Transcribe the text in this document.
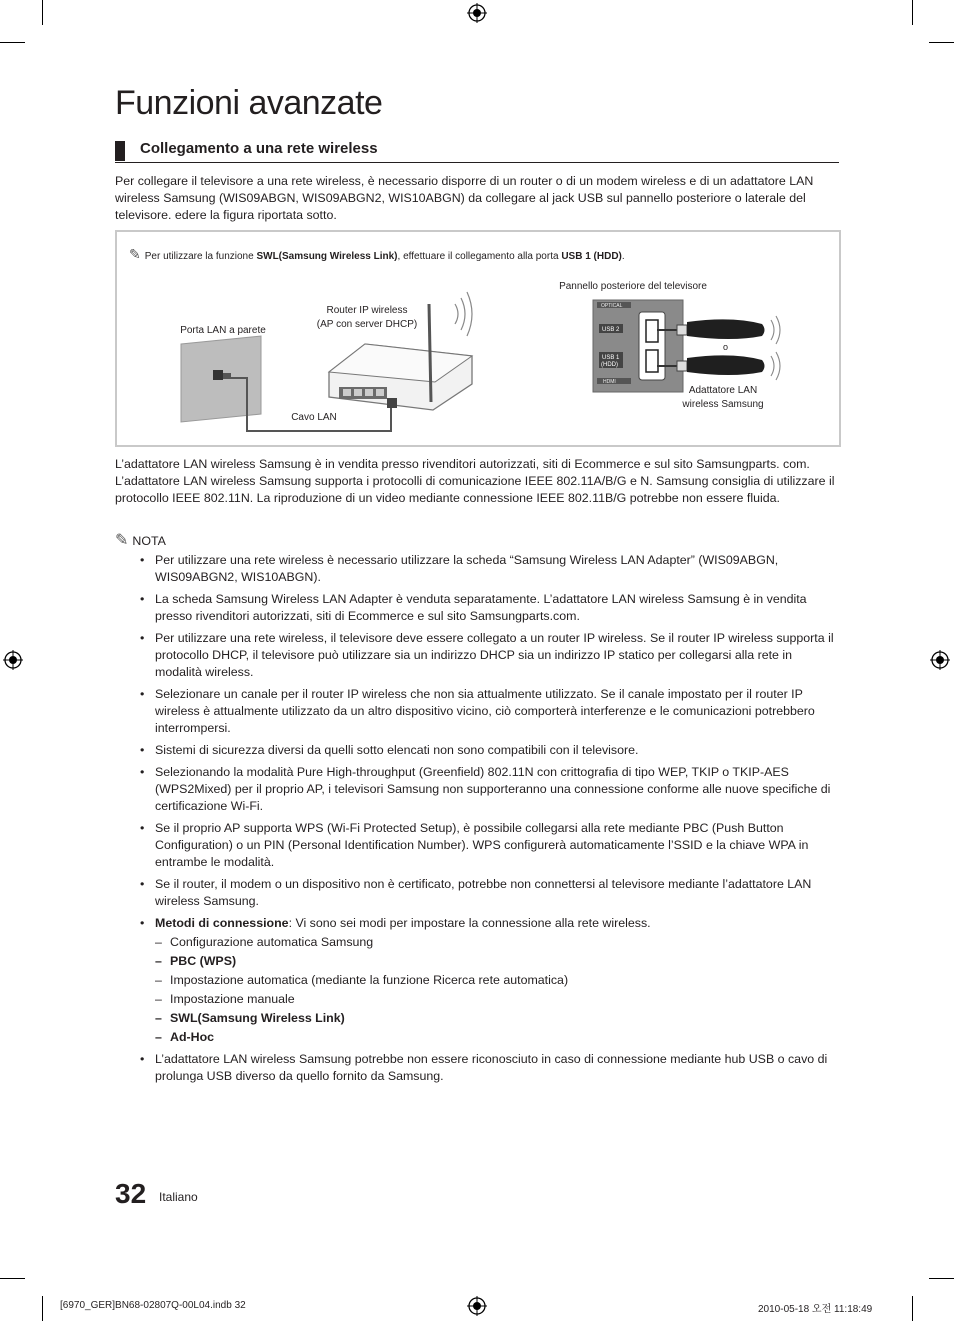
Funzioni avanzate
Collegamento a una rete wireless
Per collegare il televisore a una rete wireless, è necessario disporre di un router o di un modem wireless e di un adattatore LAN wireless Samsung (WIS09ABGN, WIS09ABGN2, WIS10ABGN) da collegare al jack USB sul pannello posteriore o laterale del televisore. edere la figura riportata sotto.
✎ Per utilizzare la funzione SWL(Samsung Wireless Link), effettuare il collegamento alla porta USB 1 (HDD).
OPTICAL
USB 2
USB 1
(HDD)
HDMI
o
Porta LAN a parete
Router IP wireless
(AP con server DHCP)
Cavo LAN
Pannello posteriore del televisore
Adattatore LAN
wireless Samsung
L’adattatore LAN wireless Samsung è in vendita presso rivenditori autorizzati, siti di Ecommerce e sul sito Samsungparts. com. L’adattatore LAN wireless Samsung supporta i protocolli di comunicazione IEEE 802.11A/B/G e N. Samsung consiglia di utilizzare il protocollo IEEE 802.11N. La riproduzione di un video mediante connessione IEEE 802.11B/G potrebbe non essere fluida.
✎ NOTA
• Per utilizzare una rete wireless è necessario utilizzare la scheda “Samsung Wireless LAN Adapter” (WIS09ABGN, WIS09ABGN2, WIS10ABGN).
• La scheda Samsung Wireless LAN Adapter è venduta separatamente. L’adattatore LAN wireless Samsung è in vendita presso rivenditori autorizzati, siti di Ecommerce e sul sito Samsungparts.com.
• Per utilizzare una rete wireless, il televisore deve essere collegato a un router IP wireless. Se il router IP wireless supporta il protocollo DHCP, il televisore può utilizzare sia un indirizzo DHCP sia un indirizzo IP statico per collegarsi alla rete in modalità wireless.
• Selezionare un canale per il router IP wireless che non sia attualmente utilizzato. Se il canale impostato per il router IP wireless è attualmente utilizzato da un altro dispositivo vicino, ciò comporterà interferenze e le comunicazioni potrebbero interrompersi.
• Sistemi di sicurezza diversi da quelli sotto elencati non sono compatibili con il televisore.
• Selezionando la modalità Pure High-throughput (Greenfield) 802.11N con crittografia di tipo WEP, TKIP o TKIP-AES (WPS2Mixed) per il proprio AP, i televisori Samsung non supporteranno una connessione conforme alle nuove specifiche di certificazione Wi-Fi.
• Se il proprio AP supporta WPS (Wi-Fi Protected Setup), è possibile collegarsi alla rete mediante PBC (Push Button Configuration) o un PIN (Personal Identification Number). WPS configurerà automaticamente l’SSID e la chiave WPA in entrambe le modalità.
• Se il router, il modem o un dispositivo non è certificato, potrebbe non connettersi al televisore mediante l’adattatore LAN wireless Samsung.
• Metodi di connessione: Vi sono sei modi per impostare la connessione alla rete wireless.
– Configurazione automatica Samsung
– PBC (WPS)
– Impostazione automatica (mediante la funzione Ricerca rete automatica)
– Impostazione manuale
– SWL(Samsung Wireless Link)
– Ad-Hoc
• L’adattatore LAN wireless Samsung potrebbe non essere riconosciuto in caso di connessione mediante hub USB o cavo di prolunga USB diverso da quello fornito da Samsung.
32 Italiano
[6970_GER]BN68-02807Q-00L04.indb 32	2010-05-18 오전 11:18:49
